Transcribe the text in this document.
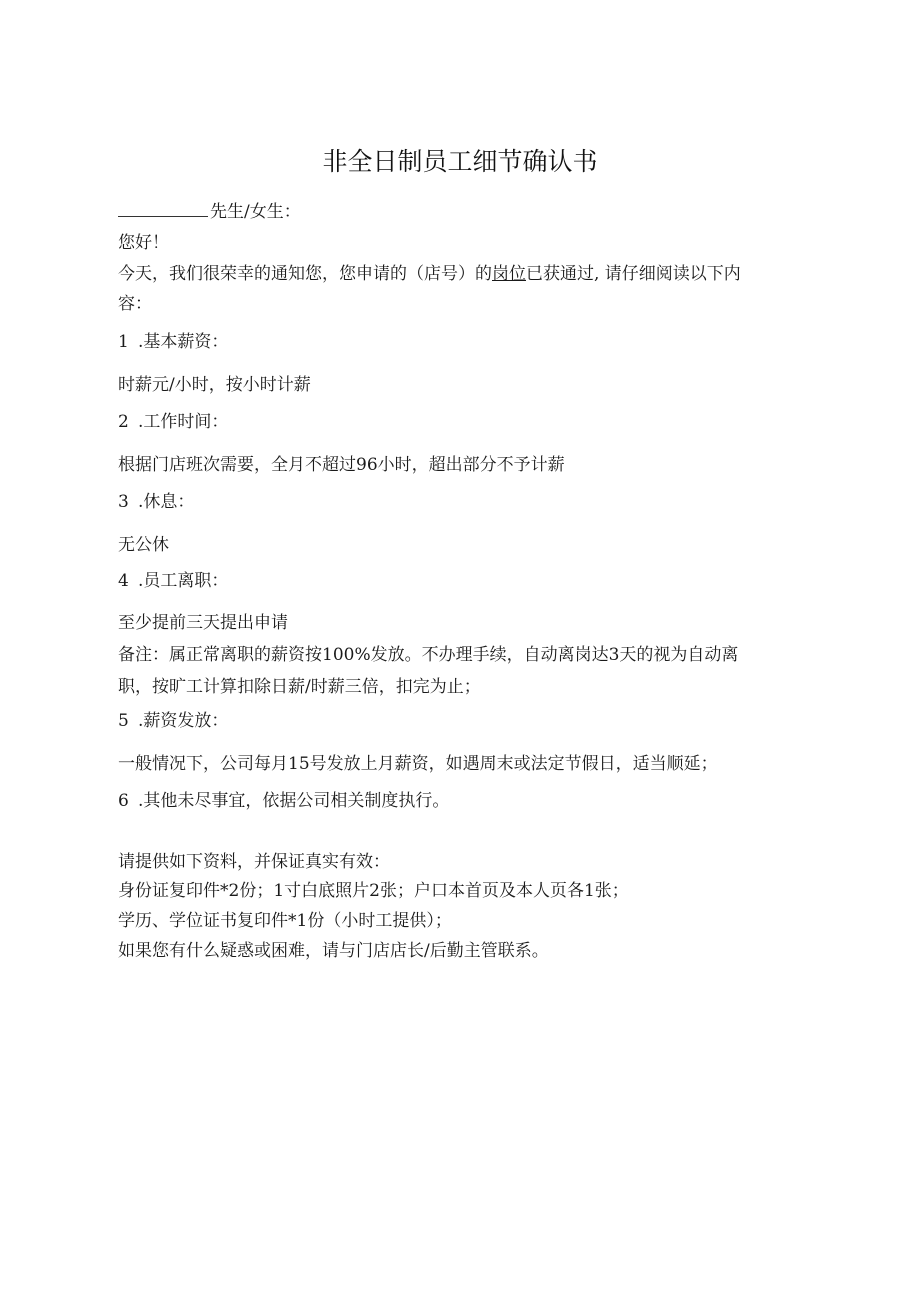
非全日制员工细节确认书
先生/女生：
您好！
今天，我们很荣幸的通知您，您申请的（店号）的岗位已获通过, 请仔细阅读以下内
容：
1 .基本薪资：
时薪元/小时，按小时计薪
2 .工作时间：
根据门店班次需要，全月不超过96小时，超出部分不予计薪
3 .休息：
无公休
4 .员工离职：
至少提前三天提出申请
备注：属正常离职的薪资按100%发放。不办理手续，自动离岗达3天的视为自动离
职，按旷工计算扣除日薪/时薪三倍，扣完为止；
5 .薪资发放：
一般情况下，公司每月15号发放上月薪资，如遇周末或法定节假日，适当顺延；
6 .其他未尽事宜，依据公司相关制度执行。
请提供如下资料，并保证真实有效：
身份证复印件*2份；1寸白底照片2张；户口本首页及本人页各1张；
学历、学位证书复印件*1份（小时工提供）；
如果您有什么疑惑或困难，请与门店店长/后勤主管联系。
